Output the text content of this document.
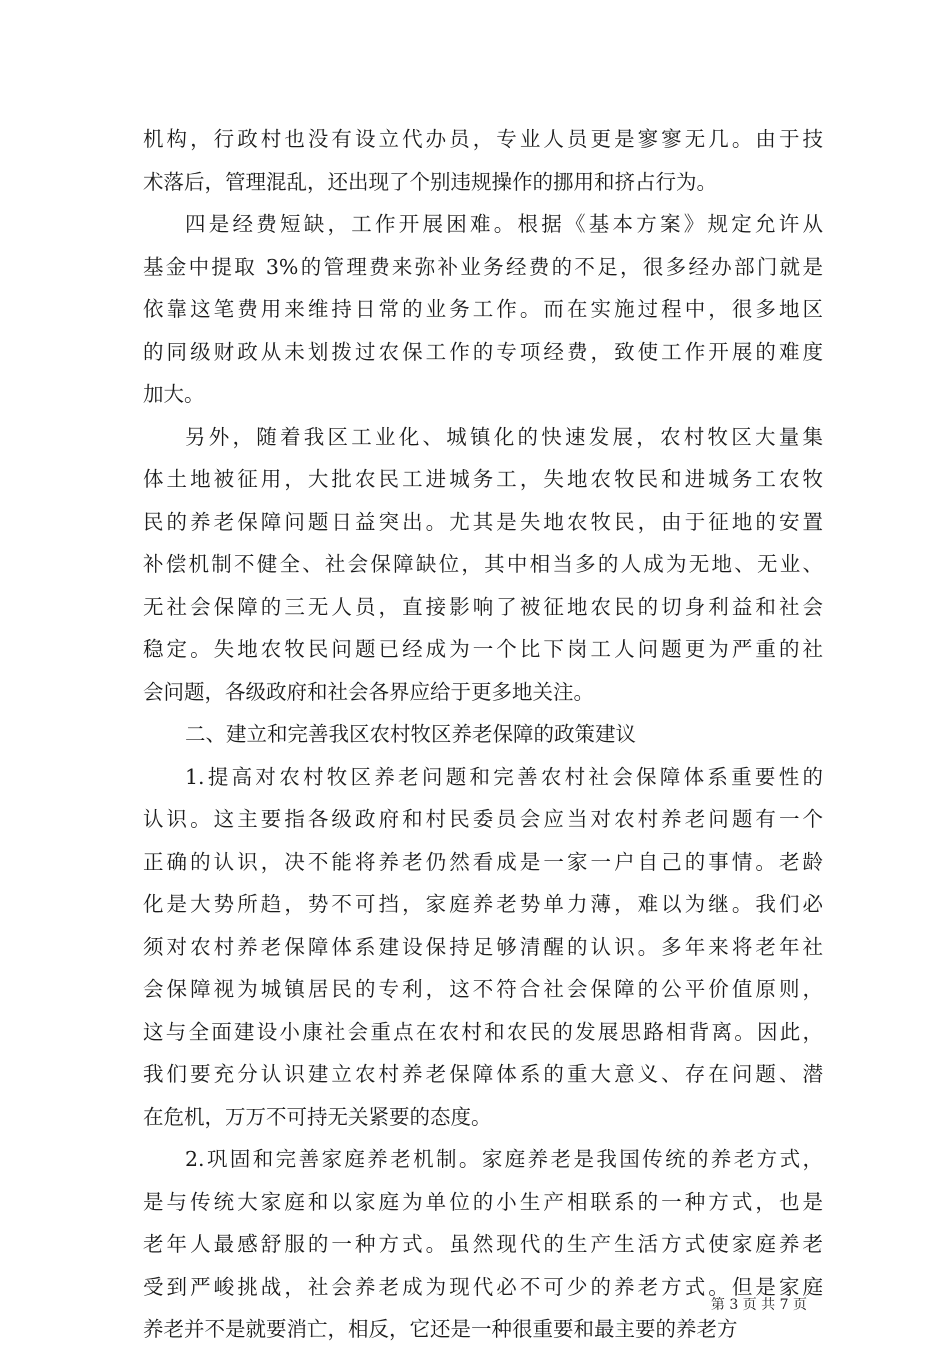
机构，行政村也没有设立代办员，专业人员更是寥寥无几。由于技
术落后，管理混乱，还出现了个别违规操作的挪用和挤占行为。
四是经费短缺，工作开展困难。根据《基本方案》规定允许从
基金中提取 3%的管理费来弥补业务经费的不足，很多经办部门就是
依靠这笔费用来维持日常的业务工作。而在实施过程中，很多地区
的同级财政从未划拨过农保工作的专项经费，致使工作开展的难度
加大。
另外，随着我区工业化、城镇化的快速发展，农村牧区大量集
体土地被征用，大批农民工进城务工，失地农牧民和进城务工农牧
民的养老保障问题日益突出。尤其是失地农牧民，由于征地的安置
补偿机制不健全、社会保障缺位，其中相当多的人成为无地、无业、
无社会保障的三无人员，直接影响了被征地农民的切身利益和社会
稳定。失地农牧民问题已经成为一个比下岗工人问题更为严重的社
会问题，各级政府和社会各界应给于更多地关注。
二、建立和完善我区农村牧区养老保障的政策建议
1.提高对农村牧区养老问题和完善农村社会保障体系重要性的
认识。这主要指各级政府和村民委员会应当对农村养老问题有一个
正确的认识，决不能将养老仍然看成是一家一户自己的事情。老龄
化是大势所趋，势不可挡，家庭养老势单力薄，难以为继。我们必
须对农村养老保障体系建设保持足够清醒的认识。多年来将老年社
会保障视为城镇居民的专利，这不符合社会保障的公平价值原则，
这与全面建设小康社会重点在农村和农民的发展思路相背离。因此，
我们要充分认识建立农村养老保障体系的重大意义、存在问题、潜
在危机，万万不可持无关紧要的态度。
2.巩固和完善家庭养老机制。家庭养老是我国传统的养老方式，
是与传统大家庭和以家庭为单位的小生产相联系的一种方式，也是
老年人最感舒服的一种方式。虽然现代的生产生活方式使家庭养老
受到严峻挑战，社会养老成为现代必不可少的养老方式。但是家庭
养老并不是就要消亡，相反，它还是一种很重要和最主要的养老方
第 3 页 共 7 页
